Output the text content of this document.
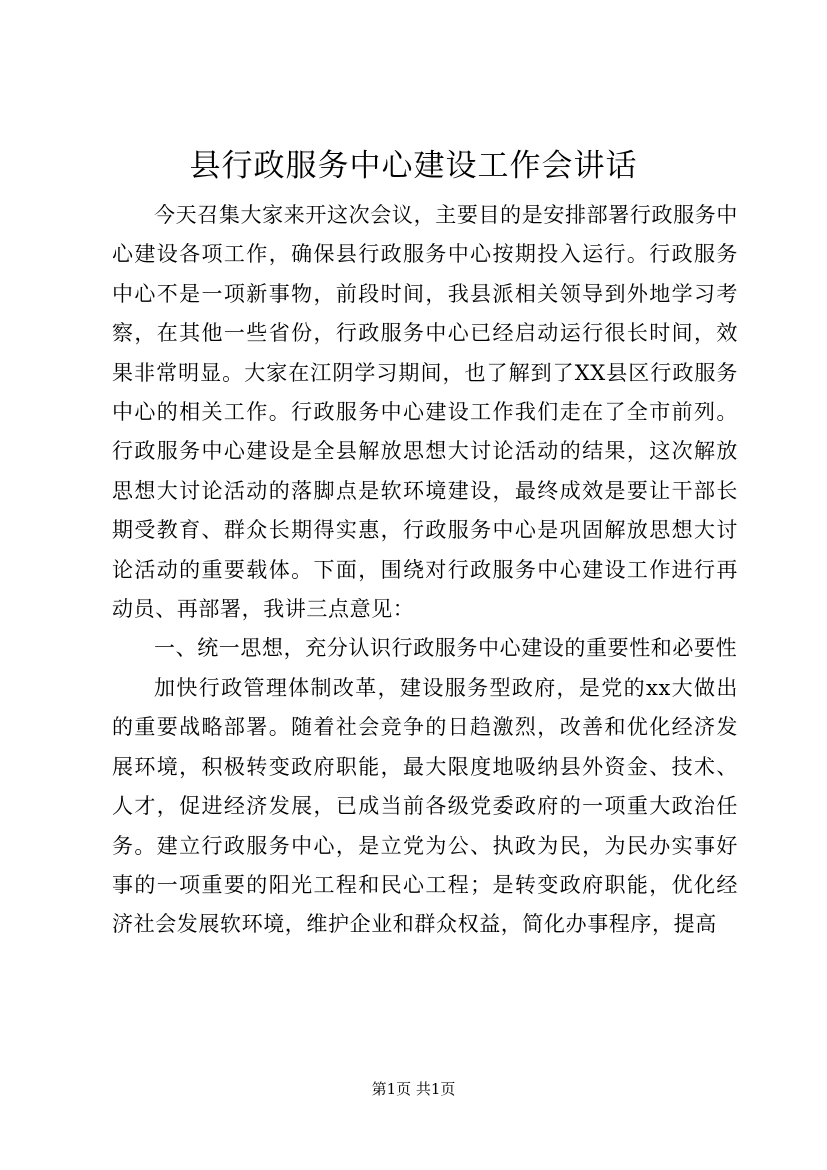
县行政服务中心建设工作会讲话

今天召集大家来开这次会议，主要目的是安排部署行政服务中心建设各项工作，确保县行政服务中心按期投入运行。行政服务中心不是一项新事物，前段时间，我县派相关领导到外地学习考察，在其他一些省份，行政服务中心已经启动运行很长时间，效果非常明显。大家在江阴学习期间，也了解到了XX县区行政服务中心的相关工作。行政服务中心建设工作我们走在了全市前列。行政服务中心建设是全县解放思想大讨论活动的结果，这次解放思想大讨论活动的落脚点是软环境建设，最终成效是要让干部长期受教育、群众长期得实惠，行政服务中心是巩固解放思想大讨论活动的重要载体。下面，围绕对行政服务中心建设工作进行再动员、再部署，我讲三点意见：

一、统一思想，充分认识行政服务中心建设的重要性和必要性

加快行政管理体制改革，建设服务型政府，是党的xx大做出的重要战略部署。随着社会竞争的日趋激烈，改善和优化经济发展环境，积极转变政府职能，最大限度地吸纳县外资金、技术、人才，促进经济发展，已成当前各级党委政府的一项重大政治任务。建立行政服务中心，是立党为公、执政为民，为民办实事好事的一项重要的阳光工程和民心工程；是转变政府职能，优化经济社会发展软环境，维护企业和群众权益，简化办事程序，提高

第1页 共1页
